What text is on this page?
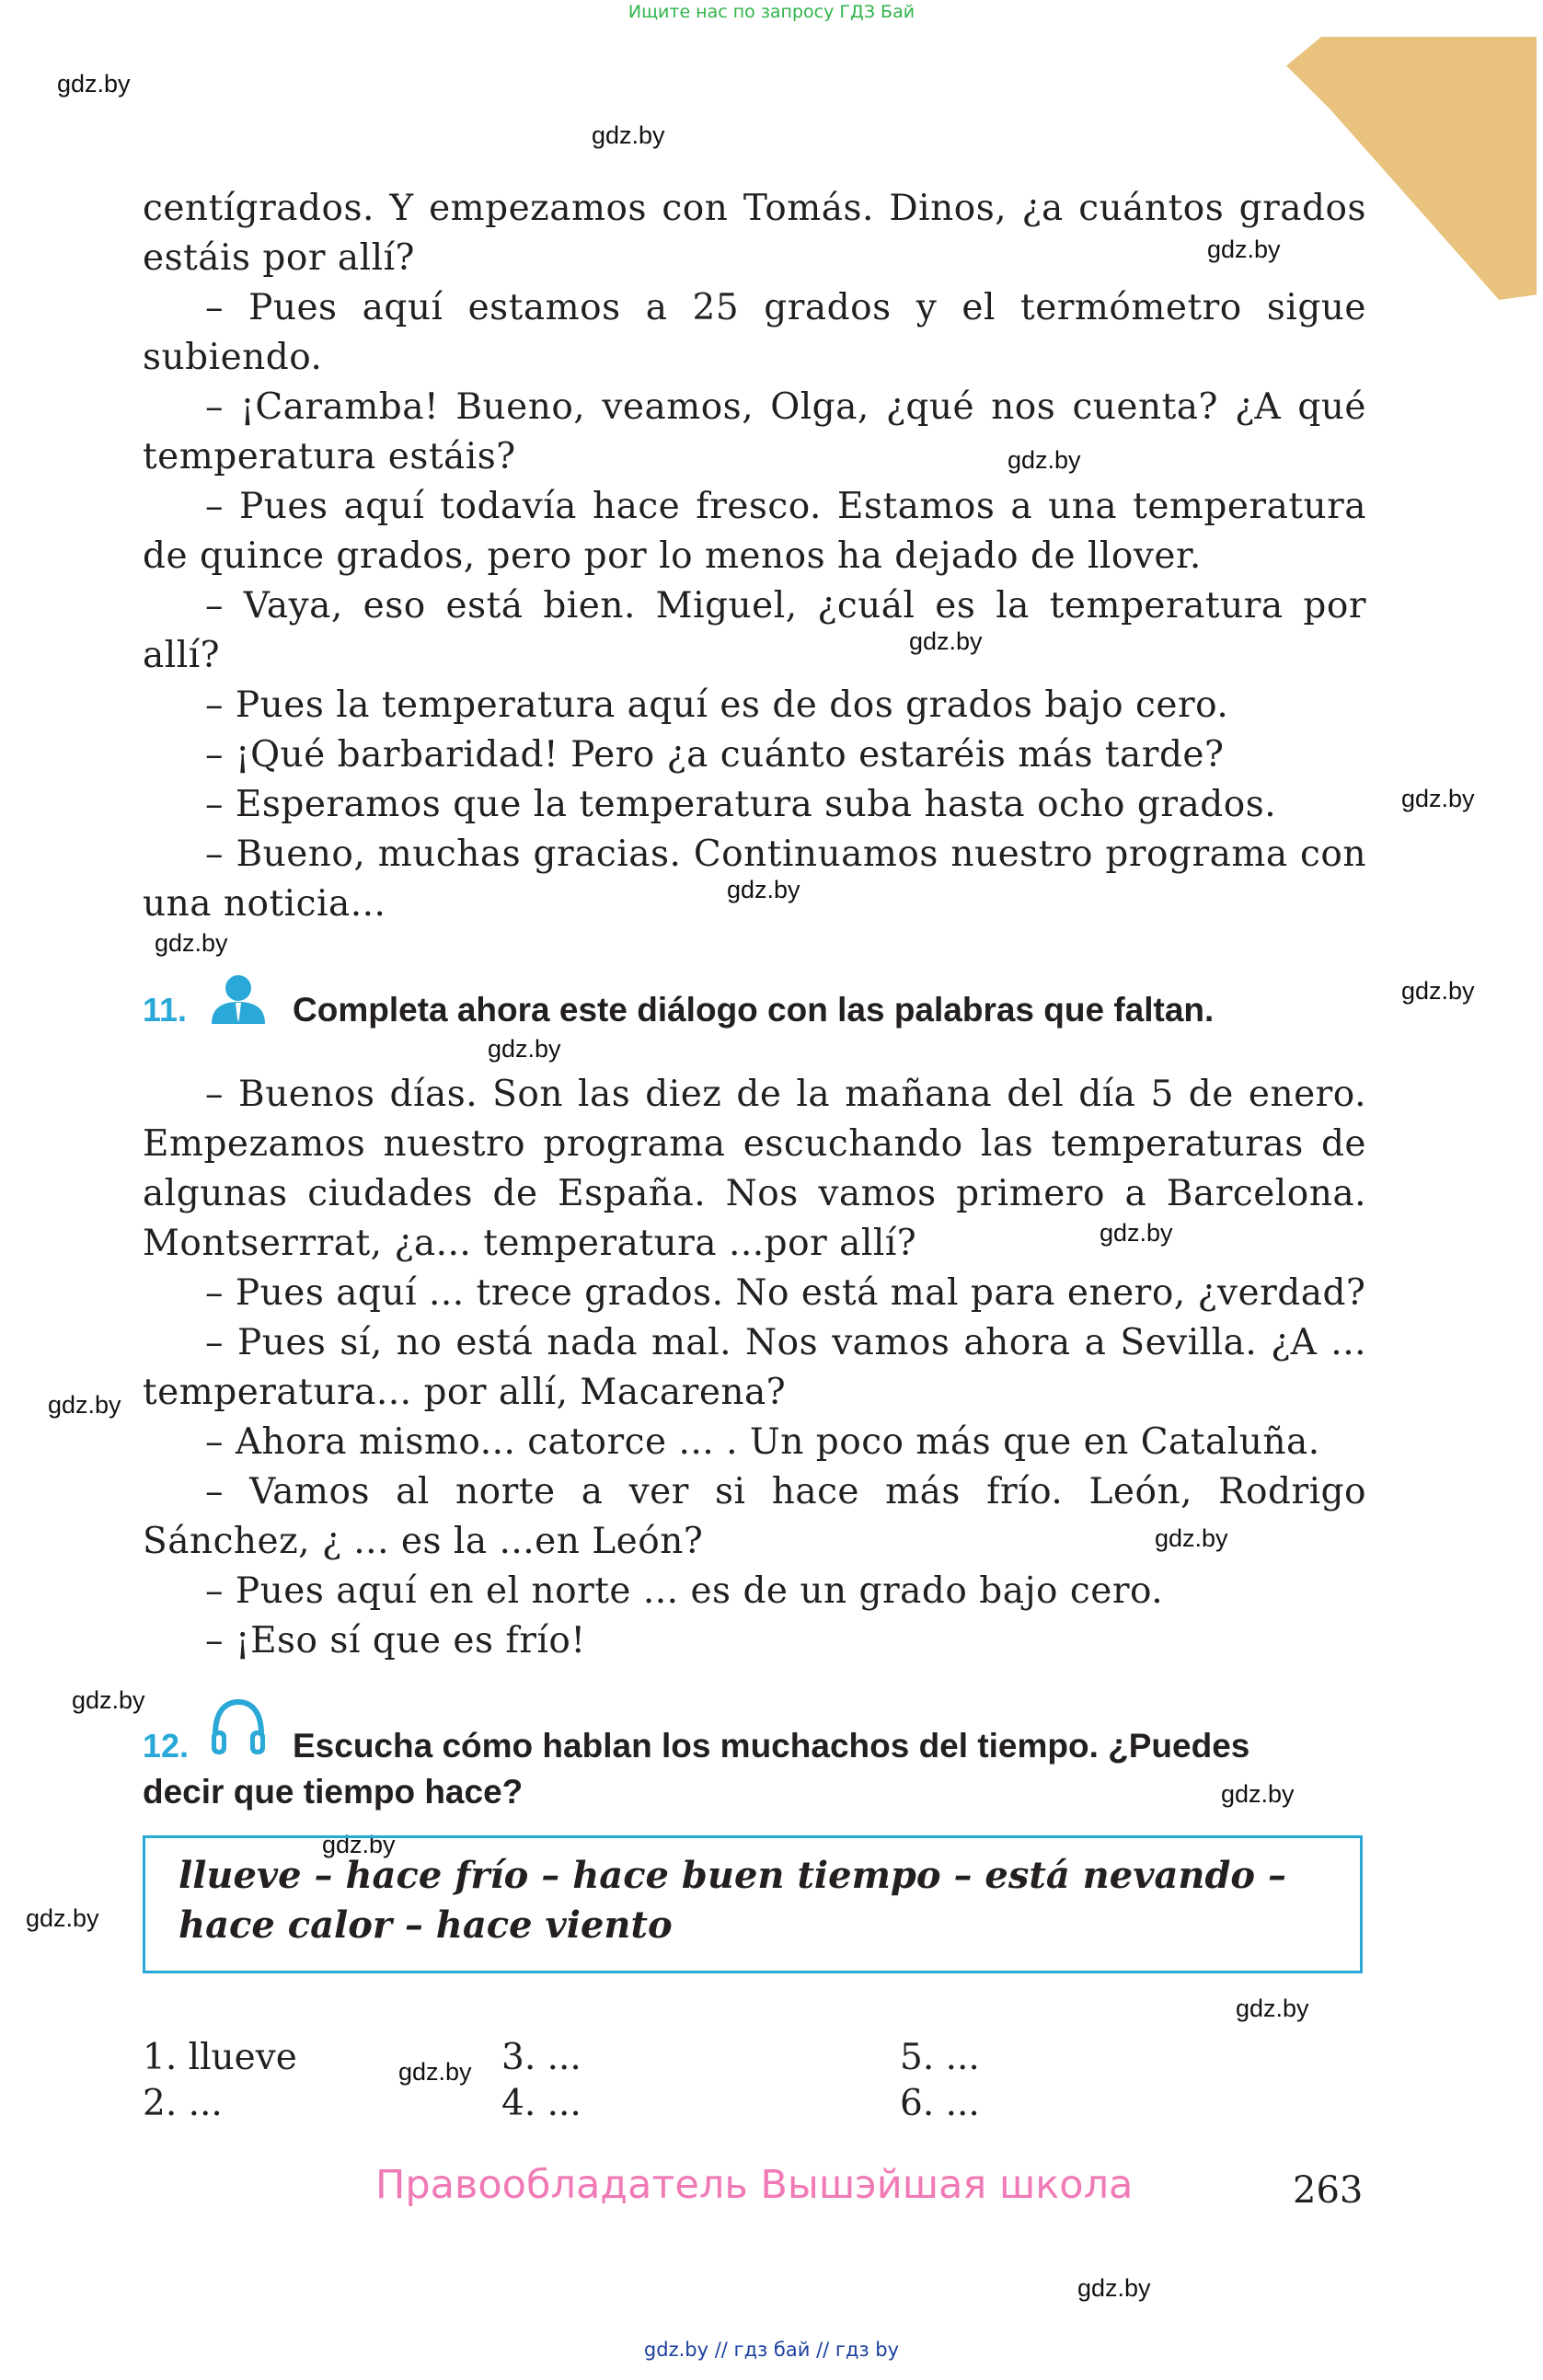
Ищите нас по запросу ГДЗ Бай
gdz.by
gdz.by
gdz.by
gdz.by
gdz.by
gdz.by
gdz.by
gdz.by
gdz.by
gdz.by
gdz.by
gdz.by
gdz.by
gdz.by
gdz.by
gdz.by
gdz.by
gdz.by
gdz.by
gdz.by
centígrados. Y empezamos con Tomás. Dinos, ¿a cuántos grados estáis por allí?
– Pues aquí estamos a 25 grados y el termómetro sigue subiendo.
– ¡Caramba! Bueno, veamos, Olga, ¿qué nos cuenta? ¿A qué temperatura estáis?
– Pues aquí todavía hace fresco. Estamos a una temperatura de quince grados, pero por lo menos ha dejado de llover.
– Vaya, eso está bien. Miguel, ¿cuál es la temperatura por allí?
– Pues la temperatura aquí es de dos grados bajo cero.
– ¡Qué barbaridad! Pero ¿a cuánto estaréis más tarde?
– Esperamos que la temperatura suba hasta ocho grados.
– Bueno, muchas gracias. Continuamos nuestro programa con una noticia...
11.	Completa ahora este diálogo con las palabras que faltan.
– Buenos días. Son las diez de la mañana del día 5 de enero. Empezamos nuestro programa escuchando las temperaturas de algunas ciudades de España. Nos vamos primero a Barcelona. Montserrrat, ¿a... temperatura ...por allí?
– Pues aquí ... trece grados. No está mal para enero, ¿verdad?
– Pues sí, no está nada mal. Nos vamos ahora a Sevilla. ¿A ... temperatura... por allí, Macarena?
– Ahora mismo... catorce ... . Un poco más que en Cataluña.
– Vamos al norte a ver si hace más frío. León, Rodrigo Sánchez, ¿ ... es la ...en León?
– Pues aquí en el norte ... es de un grado bajo cero.
– ¡Eso sí que es frío!
12.	Escucha cómo hablan los muchachos del tiempo. ¿Puedes
decir que tiempo hace?
llueve – hace frío – hace buen tiempo – está nevando – hace calor – hace viento
1. llueve
2. ...
3. ...
4. ...
5. ...
6. ...
Правообладатель Вышэйшая школа	263
gdz.by // гдз бай // гдз by
